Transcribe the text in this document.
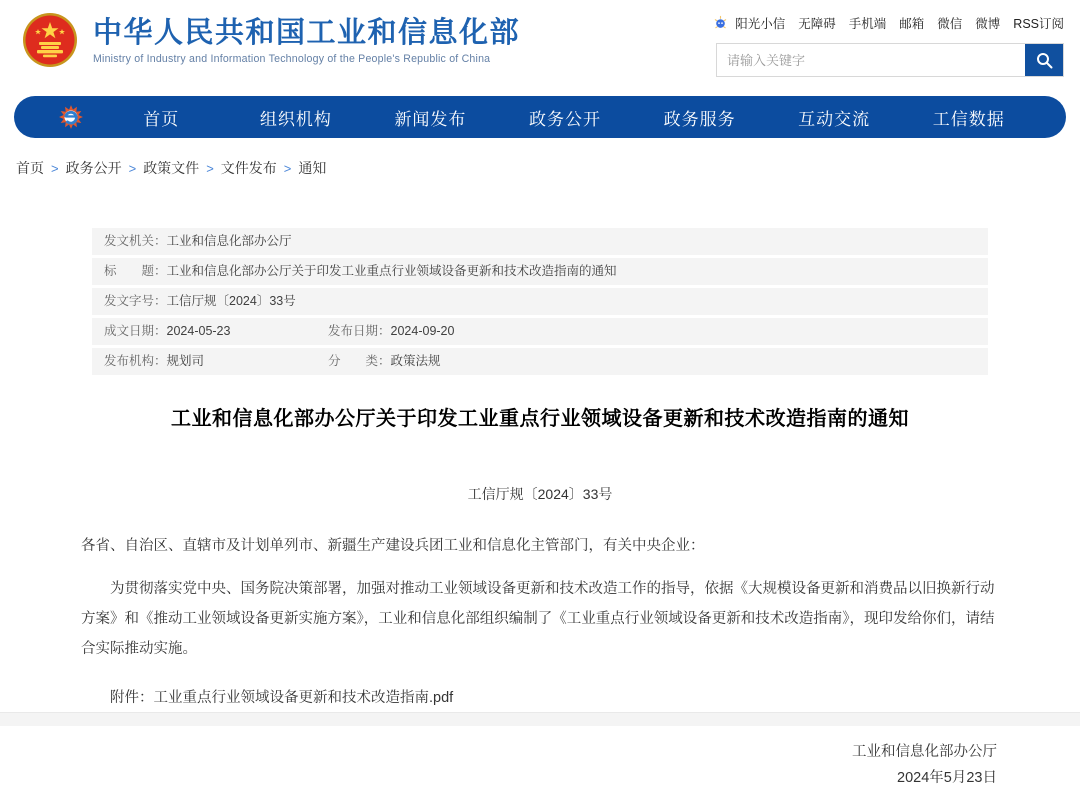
中华人民共和国工业和信息化部
Ministry of Industry and Information Technology of the People's Republic of China
阳光小信 无障碍 手机端 邮箱 微信 微博 RSS订阅
请输入关键字
首页	组织机构	新闻发布	政务公开	政务服务	互动交流	工信数据
首页 > 政务公开 > 政策文件 > 文件发布 > 通知
发文机关： 工业和信息化部办公厅
标　　题： 工业和信息化部办公厅关于印发工业重点行业领域设备更新和技术改造指南的通知
发文字号： 工信厅规〔2024〕33号
成文日期： 2024-05-23	发布日期： 2024-09-20
发布机构： 规划司	分　　类： 政策法规
工业和信息化部办公厅关于印发工业重点行业领域设备更新和技术改造指南的通知
工信厅规〔2024〕33号
各省、自治区、直辖市及计划单列市、新疆生产建设兵团工业和信息化主管部门，有关中央企业：
为贯彻落实党中央、国务院决策部署，加强对推动工业领域设备更新和技术改造工作的指导，依据《大规模设备更新和消费品以旧换新行动方案》和《推动工业领域设备更新实施方案》，工业和信息化部组织编制了《工业重点行业领域设备更新和技术改造指南》，现印发给你们，请结合实际推动实施。
附件：工业重点行业领域设备更新和技术改造指南.pdf
工业和信息化部办公厅
2024年5月23日
